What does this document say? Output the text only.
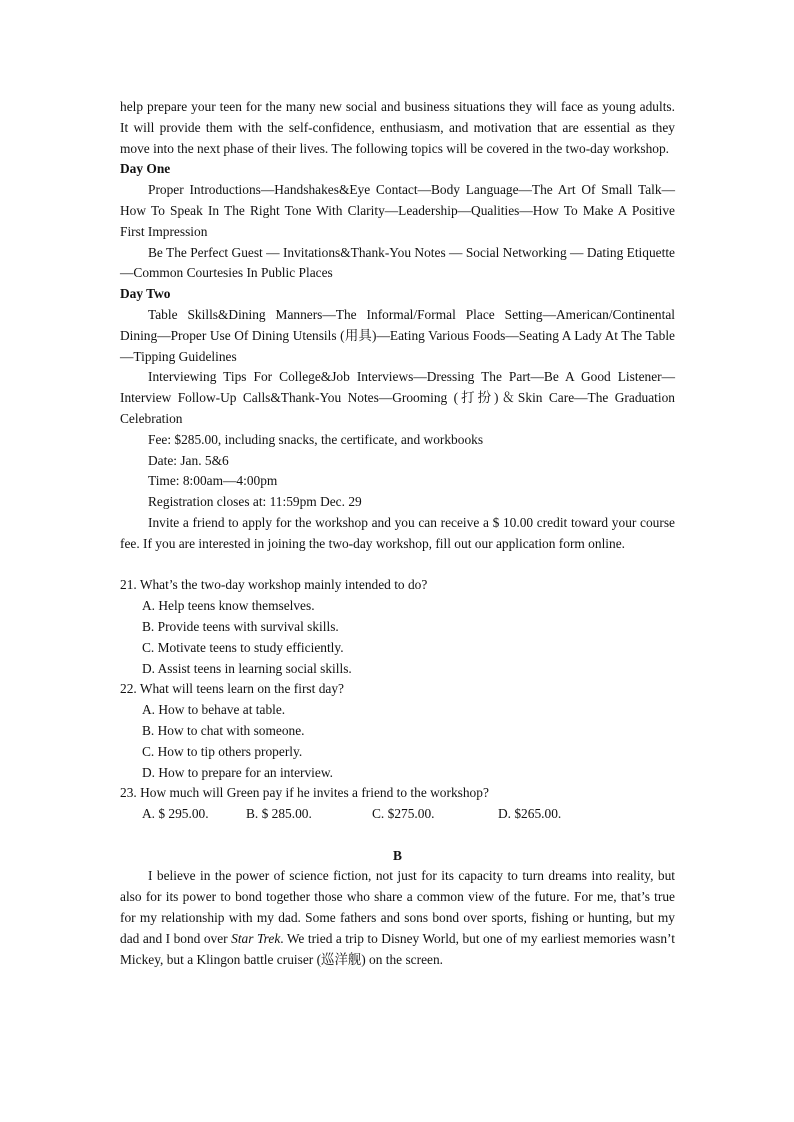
help prepare your teen for the many new social and business situations they will face as young adults. It will provide them with the self-confidence, enthusiasm, and motivation that are essential as they move into the next phase of their lives. The following topics will be covered in the two-day workshop.

Day One

Proper Introductions—Handshakes&Eye Contact—Body Language—The Art Of Small Talk—How To Speak In The Right Tone With Clarity—Leadership—Qualities—How To Make A Positive First Impression

Be The Perfect Guest — Invitations&Thank-You Notes — Social Networking — Dating Etiquette—Common Courtesies In Public Places

Day Two

Table Skills&Dining Manners—The Informal/Formal Place Setting—American/Continental Dining—Proper Use Of Dining Utensils (用具)—Eating Various Foods—Seating A Lady At The Table—Tipping Guidelines

Interviewing Tips For College&Job Interviews—Dressing The Part—Be A Good Listener—Interview Follow-Up Calls&Thank-You Notes—Grooming (打扮)＆Skin Care—The Graduation Celebration

Fee: $285.00, including snacks, the certificate, and workbooks

Date: Jan. 5&6

Time: 8:00am—4:00pm

Registration closes at: 11:59pm Dec. 29

Invite a friend to apply for the workshop and you can receive a $ 10.00 credit toward your course fee. If you are interested in joining the two-day workshop, fill out our application form online.

21. What’s the two-day workshop mainly intended to do?

A. Help teens know themselves.

B. Provide teens with survival skills.

C. Motivate teens to study efficiently.

D. Assist teens in learning social skills.

22. What will teens learn on the first day?

A. How to behave at table.

B. How to chat with someone.

C. How to tip others properly.

D. How to prepare for an interview.

23. How much will Green pay if he invites a friend to the workshop?

A. $ 295.00.	B. $ 285.00.	C. $275.00.	D. $265.00.

B

I believe in the power of science fiction, not just for its capacity to turn dreams into reality, but also for its power to bond together those who share a common view of the future. For me, that’s true for my relationship with my dad. Some fathers and sons bond over sports, fishing or hunting, but my dad and I bond over Star Trek. We tried a trip to Disney World, but one of my earliest memories wasn’t Mickey, but a Klingon battle cruiser (巡洋舰) on the screen.
